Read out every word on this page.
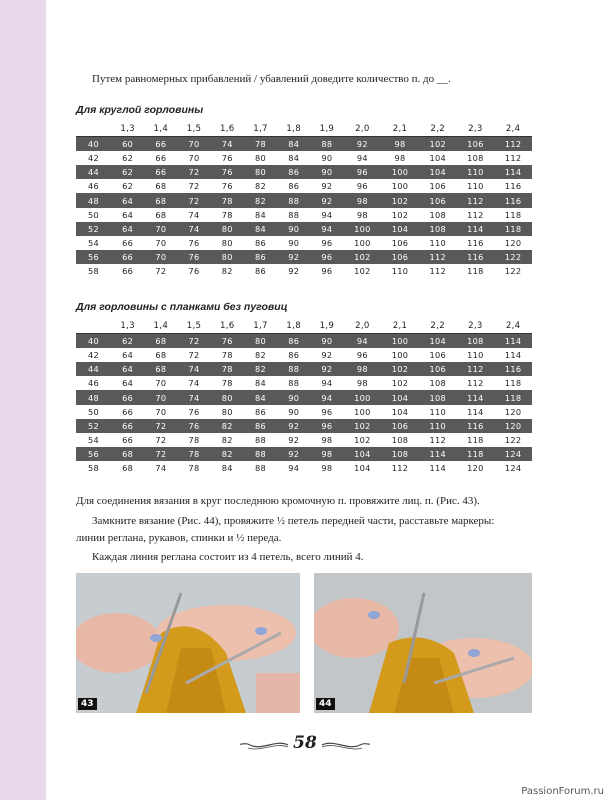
Путем равномерных прибавлений / убавлений доведите количество п. до __.
Для круглой горловины
	1,3	1,4	1,5	1,6	1,7	1,8	1,9	2,0	2,1	2,2	2,3	2,4
40	60	66	70	74	78	84	88	92	98	102	106	112
42	62	66	70	76	80	84	90	94	98	104	108	112
44	62	66	72	76	80	86	90	96	100	104	110	114
46	62	68	72	76	82	86	92	96	100	106	110	116
48	64	68	72	78	82	88	92	98	102	106	112	116
50	64	68	74	78	84	88	94	98	102	108	112	118
52	64	70	74	80	84	90	94	100	104	108	114	118
54	66	70	76	80	86	90	96	100	106	110	116	120
56	66	70	76	80	86	92	96	102	106	112	116	122
58	66	72	76	82	86	92	96	102	110	112	118	122
Для горловины с планками без пуговиц
	1,3	1,4	1,5	1,6	1,7	1,8	1,9	2,0	2,1	2,2	2,3	2,4
40	62	68	72	76	80	86	90	94	100	104	108	114
42	64	68	72	78	82	86	92	96	100	106	110	114
44	64	68	74	78	82	88	92	98	102	106	112	116
46	64	70	74	78	84	88	94	98	102	108	112	118
48	66	70	74	80	84	90	94	100	104	108	114	118
50	66	70	76	80	86	90	96	100	104	110	114	120
52	66	72	76	82	86	92	96	102	106	110	116	120
54	66	72	78	82	88	92	98	102	108	112	118	122
56	68	72	78	82	88	92	98	104	108	114	118	124
58	68	74	78	84	88	94	98	104	112	114	120	124
Для соединения вязания в круг последнюю кромочную п. провяжите лиц. п. (Рис. 43).
Замкните вязание (Рис. 44), провяжите ½ петель передней части, расставьте маркеры:
линии реглана, рукавов, спинки и ½ переда.
Каждая линия реглана состоит из 4 петель, всего линий 4.
43	44
58
PassionForum.ru
